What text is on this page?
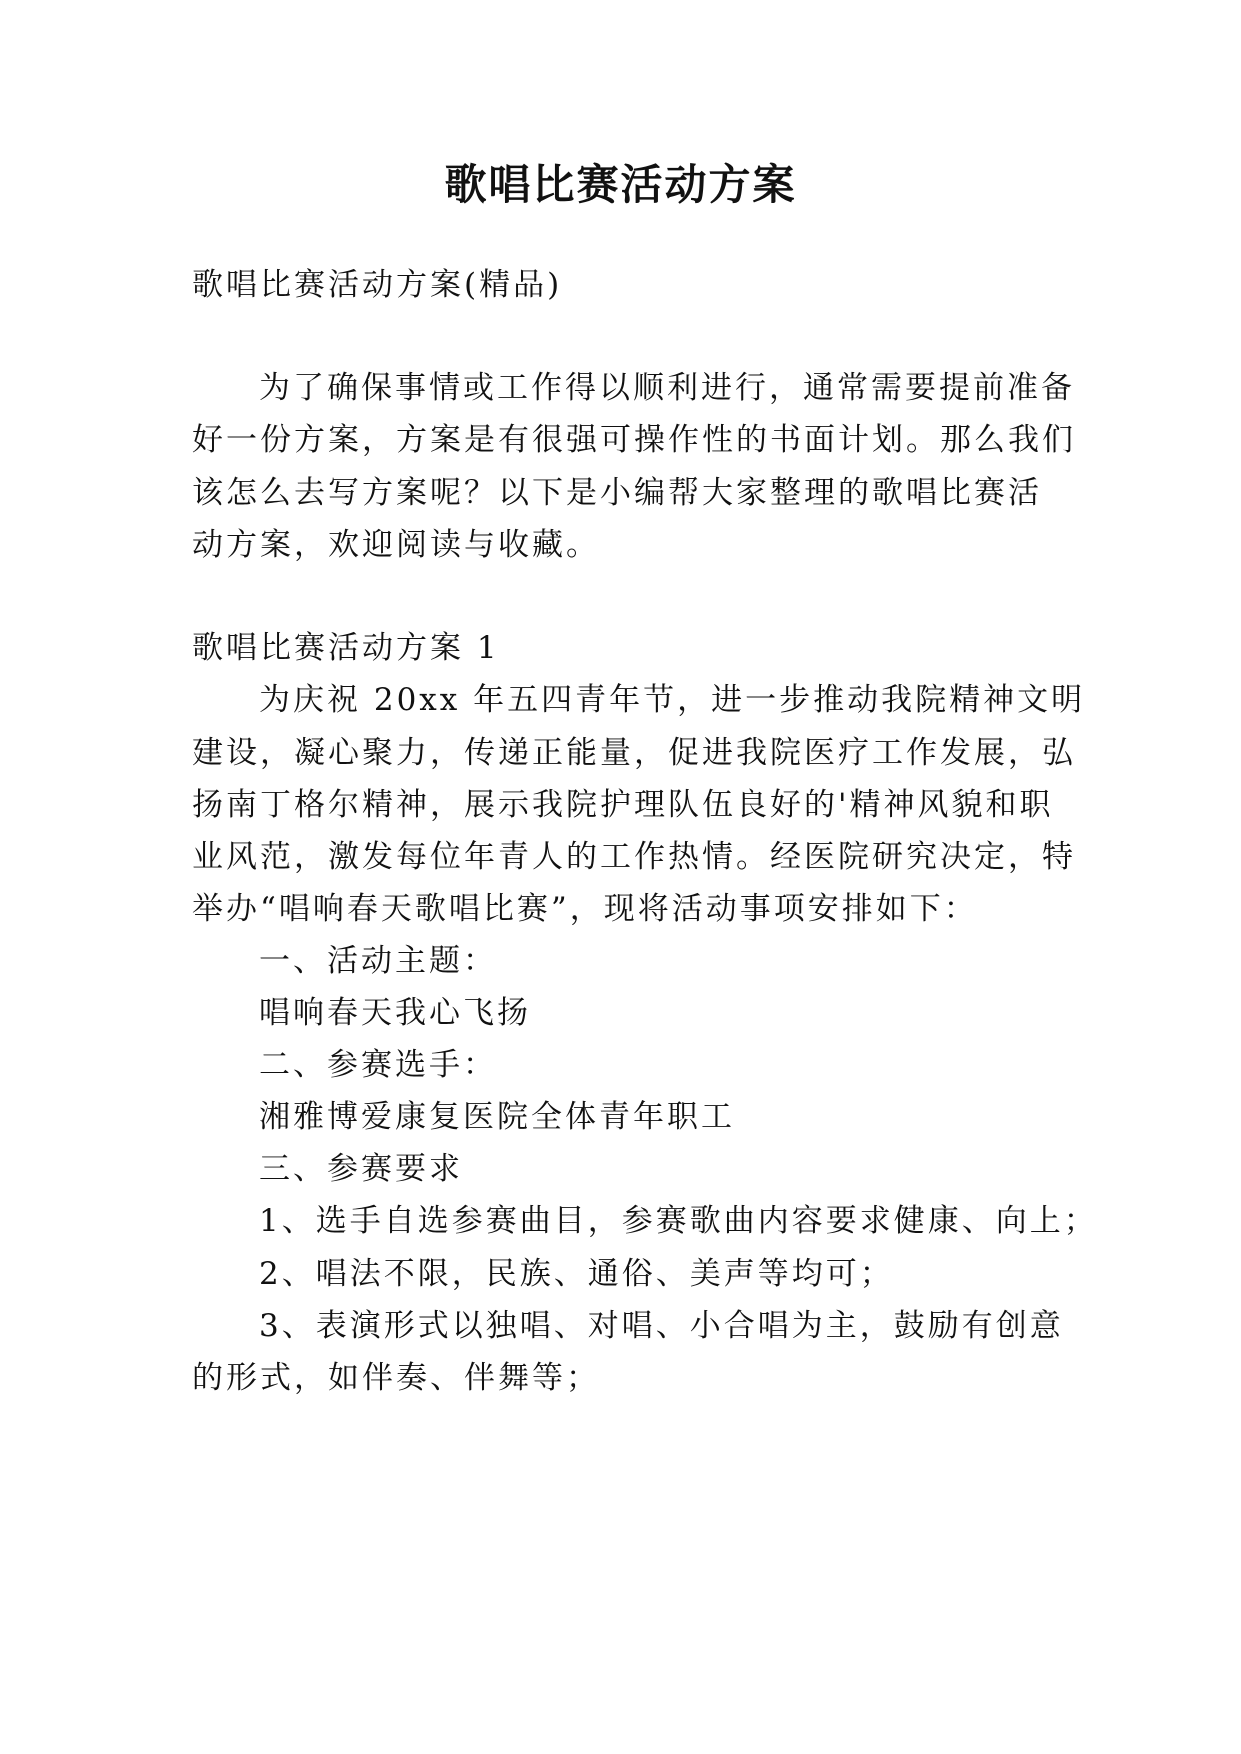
歌唱比赛活动方案

歌唱比赛活动方案(精品)

为了确保事情或工作得以顺利进行，通常需要提前准备

好一份方案，方案是有很强可操作性的书面计划。那么我们

该怎么去写方案呢？以下是小编帮大家整理的歌唱比赛活

动方案，欢迎阅读与收藏。

歌唱比赛活动方案 1

为庆祝 20xx 年五四青年节，进一步推动我院精神文明

建设，凝心聚力，传递正能量，促进我院医疗工作发展，弘

扬南丁格尔精神，展示我院护理队伍良好的'精神风貌和职

业风范，激发每位年青人的工作热情。经医院研究决定，特

举办“唱响春天歌唱比赛”，现将活动事项安排如下：

一、活动主题：

唱响春天我心飞扬

二、参赛选手：

湘雅博爱康复医院全体青年职工

三、参赛要求

1、选手自选参赛曲目，参赛歌曲内容要求健康、向上；

2、唱法不限，民族、通俗、美声等均可；

3、表演形式以独唱、对唱、小合唱为主，鼓励有创意

的形式，如伴奏、伴舞等；
